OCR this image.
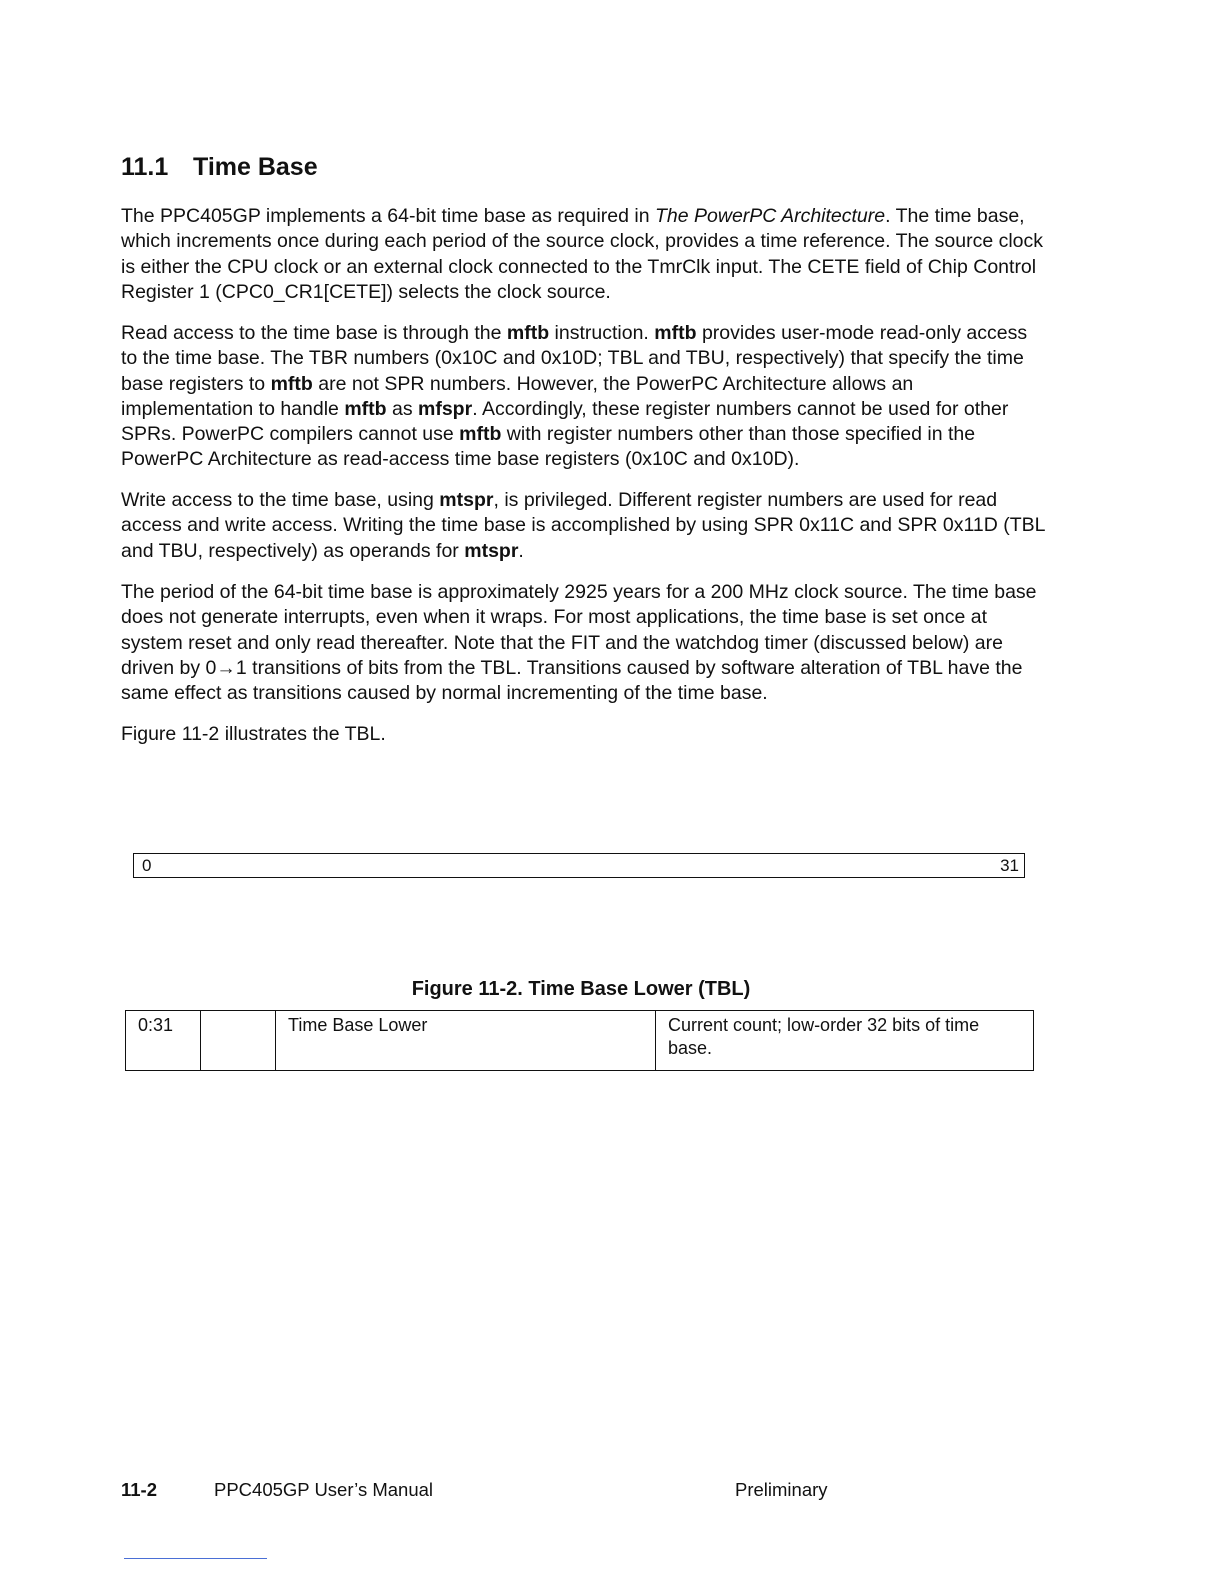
11.1 Time Base

The PPC405GP implements a 64-bit time base as required in The PowerPC Architecture. The time base, which increments once during each period of the source clock, provides a time reference. The source clock is either the CPU clock or an external clock connected to the TmrClk input. The CETE field of Chip Control Register 1 (CPC0_CR1[CETE]) selects the clock source.

Read access to the time base is through the mftb instruction. mftb provides user-mode read-only access to the time base. The TBR numbers (0x10C and 0x10D; TBL and TBU, respectively) that specify the time base registers to mftb are not SPR numbers. However, the PowerPC Architecture allows an implementation to handle mftb as mfspr. Accordingly, these register numbers cannot be used for other SPRs. PowerPC compilers cannot use mftb with register numbers other than those specified in the PowerPC Architecture as read-access time base registers (0x10C and 0x10D).

Write access to the time base, using mtspr, is privileged. Different register numbers are used for read access and write access. Writing the time base is accomplished by using SPR 0x11C and SPR 0x11D (TBL and TBU, respectively) as operands for mtspr.

The period of the 64-bit time base is approximately 2925 years for a 200 MHz clock source. The time base does not generate interrupts, even when it wraps. For most applications, the time base is set once at system reset and only read thereafter. Note that the FIT and the watchdog timer (discussed below) are driven by 0→1 transitions of bits from the TBL. Transitions caused by software alteration of TBL have the same effect as transitions caused by normal incrementing of the time base.

Figure 11-2 illustrates the TBL.

0	31

Figure 11-2. Time Base Lower (TBL)

0:31		Time Base Lower	Current count; low-order 32 bits of time base.
11-2	PPC405GP User’s Manual	Preliminary
